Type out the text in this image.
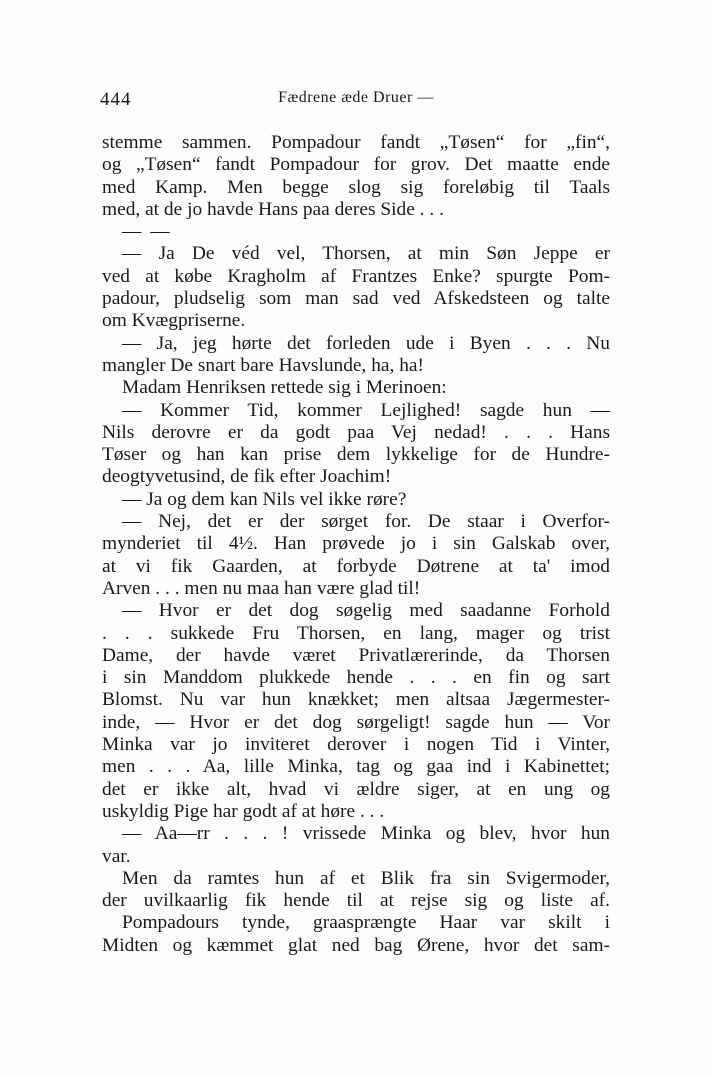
444	Fædrene æde Druer —
stemme sammen. Pompadour fandt „Tøsen“ for „fin“,
og „Tøsen“ fandt Pompadour for grov. Det maatte ende
med Kamp. Men begge slog sig foreløbig til Taals
med, at de jo havde Hans paa deres Side . . .
— —
— Ja De véd vel, Thorsen, at min Søn Jeppe er
ved at købe Kragholm af Frantzes Enke? spurgte Pom-
padour, pludselig som man sad ved Afskedsteen og talte
om Kvægpriserne.
— Ja, jeg hørte det forleden ude i Byen . . . Nu
mangler De snart bare Havslunde, ha, ha!
Madam Henriksen rettede sig i Merinoen:
— Kommer Tid, kommer Lejlighed! sagde hun —
Nils derovre er da godt paa Vej nedad! . . . Hans
Tøser og han kan prise dem lykkelige for de Hundre-
deogtyvetusind, de fik efter Joachim!
— Ja og dem kan Nils vel ikke røre?
— Nej, det er der sørget for. De staar i Overfor-
mynderiet til 4½. Han prøvede jo i sin Galskab over,
at vi fik Gaarden, at forbyde Døtrene at ta' imod
Arven . . . men nu maa han være glad til!
— Hvor er det dog søgelig med saadanne Forhold
. . . sukkede Fru Thorsen, en lang, mager og trist
Dame, der havde været Privatlærerinde, da Thorsen
i sin Manddom plukkede hende . . . en fin og sart
Blomst. Nu var hun knækket; men altsaa Jægermester-
inde, — Hvor er det dog sørgeligt! sagde hun — Vor
Minka var jo inviteret derover i nogen Tid i Vinter,
men . . . Aa, lille Minka, tag og gaa ind i Kabinettet;
det er ikke alt, hvad vi ældre siger, at en ung og
uskyldig Pige har godt af at høre . . .
— Aa—rr . . . ! vrissede Minka og blev, hvor hun
var.
Men da ramtes hun af et Blik fra sin Svigermoder,
der uvilkaarlig fik hende til at rejse sig og liste af.
Pompadours tynde, graasprængte Haar var skilt i
Midten og kæmmet glat ned bag Ørene, hvor det sam-
